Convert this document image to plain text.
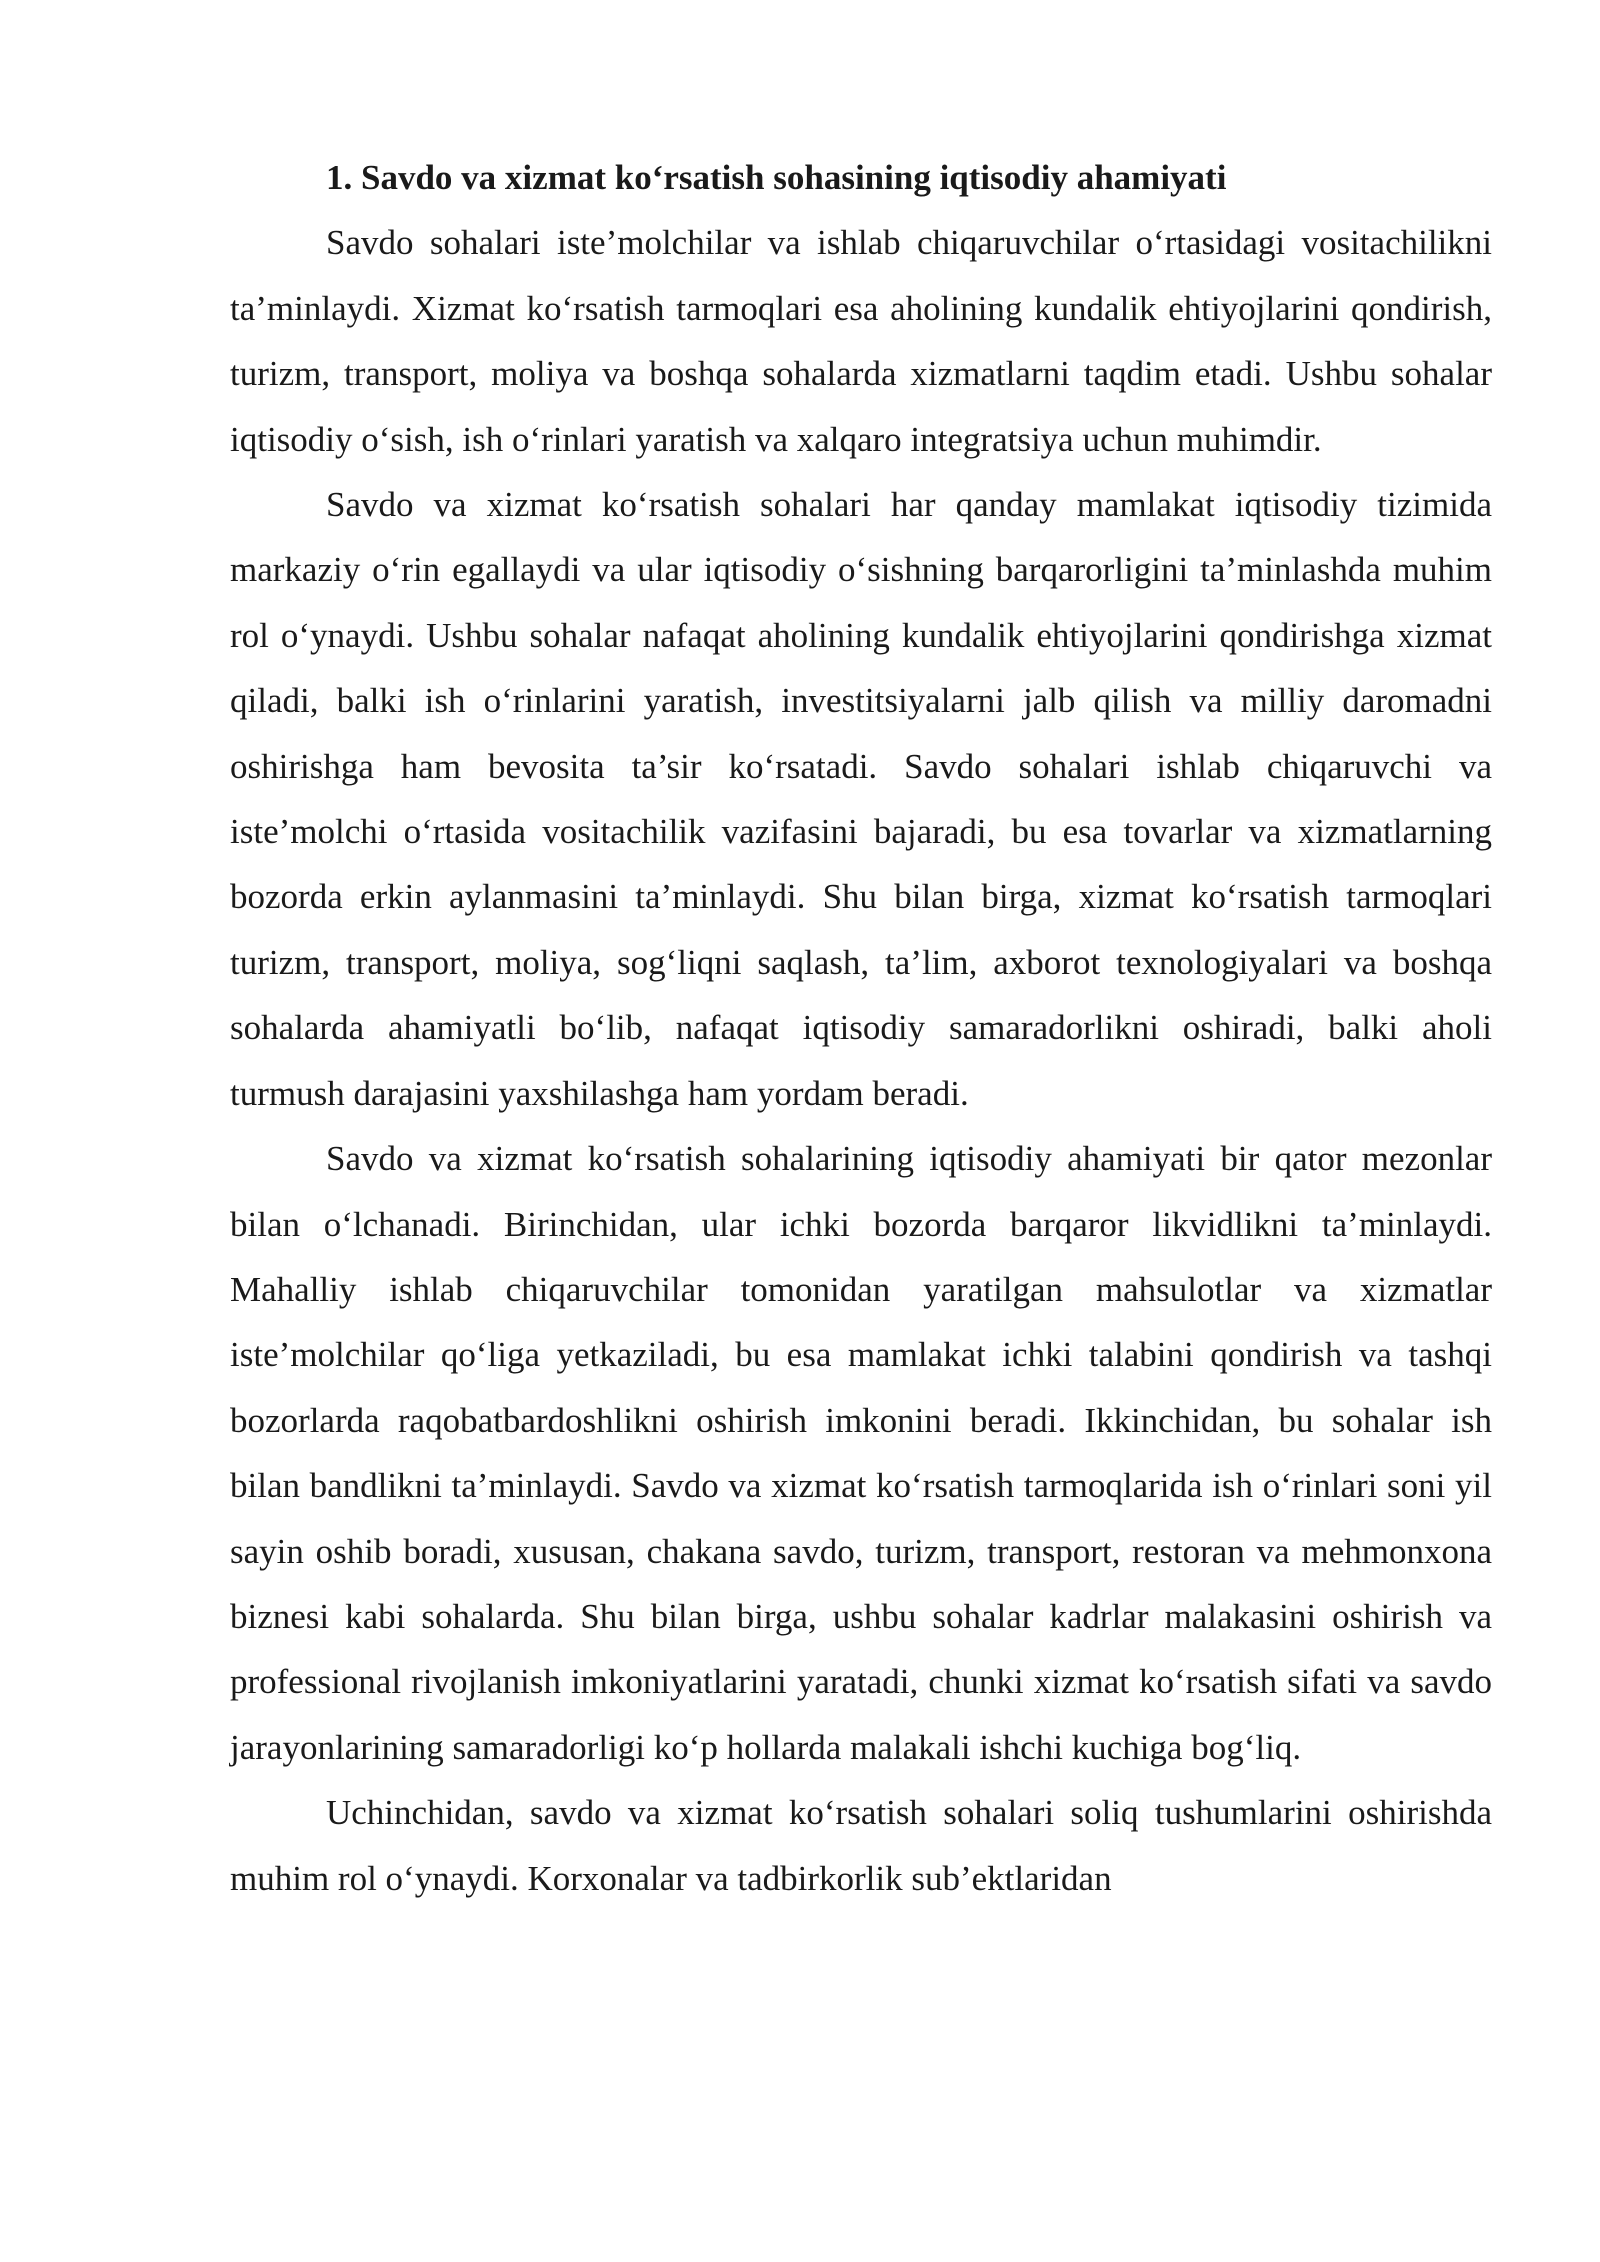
1. Savdo va xizmat ko‘rsatish sohasining iqtisodiy ahamiyati

Savdo sohalari iste’molchilar va ishlab chiqaruvchilar o‘rtasidagi vositachilikni ta’minlaydi. Xizmat ko‘rsatish tarmoqlari esa aholining kundalik ehtiyojlarini qondirish, turizm, transport, moliya va boshqa sohalarda xizmatlarni taqdim etadi. Ushbu sohalar iqtisodiy o‘sish, ish o‘rinlari yaratish va xalqaro integratsiya uchun muhimdir.

Savdo va xizmat ko‘rsatish sohalari har qanday mamlakat iqtisodiy tizimida markaziy o‘rin egallaydi va ular iqtisodiy o‘sishning barqarorligini ta’minlashda muhim rol o‘ynaydi. Ushbu sohalar nafaqat aholining kundalik ehtiyojlarini qondirishga xizmat qiladi, balki ish o‘rinlarini yaratish, investitsiyalarni jalb qilish va milliy daromadni oshirishga ham bevosita ta’sir ko‘rsatadi. Savdo sohalari ishlab chiqaruvchi va iste’molchi o‘rtasida vositachilik vazifasini bajaradi, bu esa tovarlar va xizmatlarning bozorda erkin aylanmasini ta’minlaydi. Shu bilan birga, xizmat ko‘rsatish tarmoqlari turizm, transport, moliya, sog‘liqni saqlash, ta’lim, axborot texnologiyalari va boshqa sohalarda ahamiyatli bo‘lib, nafaqat iqtisodiy samaradorlikni oshiradi, balki aholi turmush darajasini yaxshilashga ham yordam beradi.

Savdo va xizmat ko‘rsatish sohalarining iqtisodiy ahamiyati bir qator mezonlar bilan o‘lchanadi. Birinchidan, ular ichki bozorda barqaror likvidlikni ta’minlaydi. Mahalliy ishlab chiqaruvchilar tomonidan yaratilgan mahsulotlar va xizmatlar iste’molchilar qo‘liga yetkaziladi, bu esa mamlakat ichki talabini qondirish va tashqi bozorlarda raqobatbardoshlikni oshirish imkonini beradi. Ikkinchidan, bu sohalar ish bilan bandlikni ta’minlaydi. Savdo va xizmat ko‘rsatish tarmoqlarida ish o‘rinlari soni yil sayin oshib boradi, xususan, chakana savdo, turizm, transport, restoran va mehmonxona biznesi kabi sohalarda. Shu bilan birga, ushbu sohalar kadrlar malakasini oshirish va professional rivojlanish imkoniyatlarini yaratadi, chunki xizmat ko‘rsatish sifati va savdo jarayonlarining samaradorligi ko‘p hollarda malakali ishchi kuchiga bog‘liq.

Uchinchidan, savdo va xizmat ko‘rsatish sohalari soliq tushumlarini oshirishda muhim rol o‘ynaydi. Korxonalar va tadbirkorlik sub’ektlaridan
